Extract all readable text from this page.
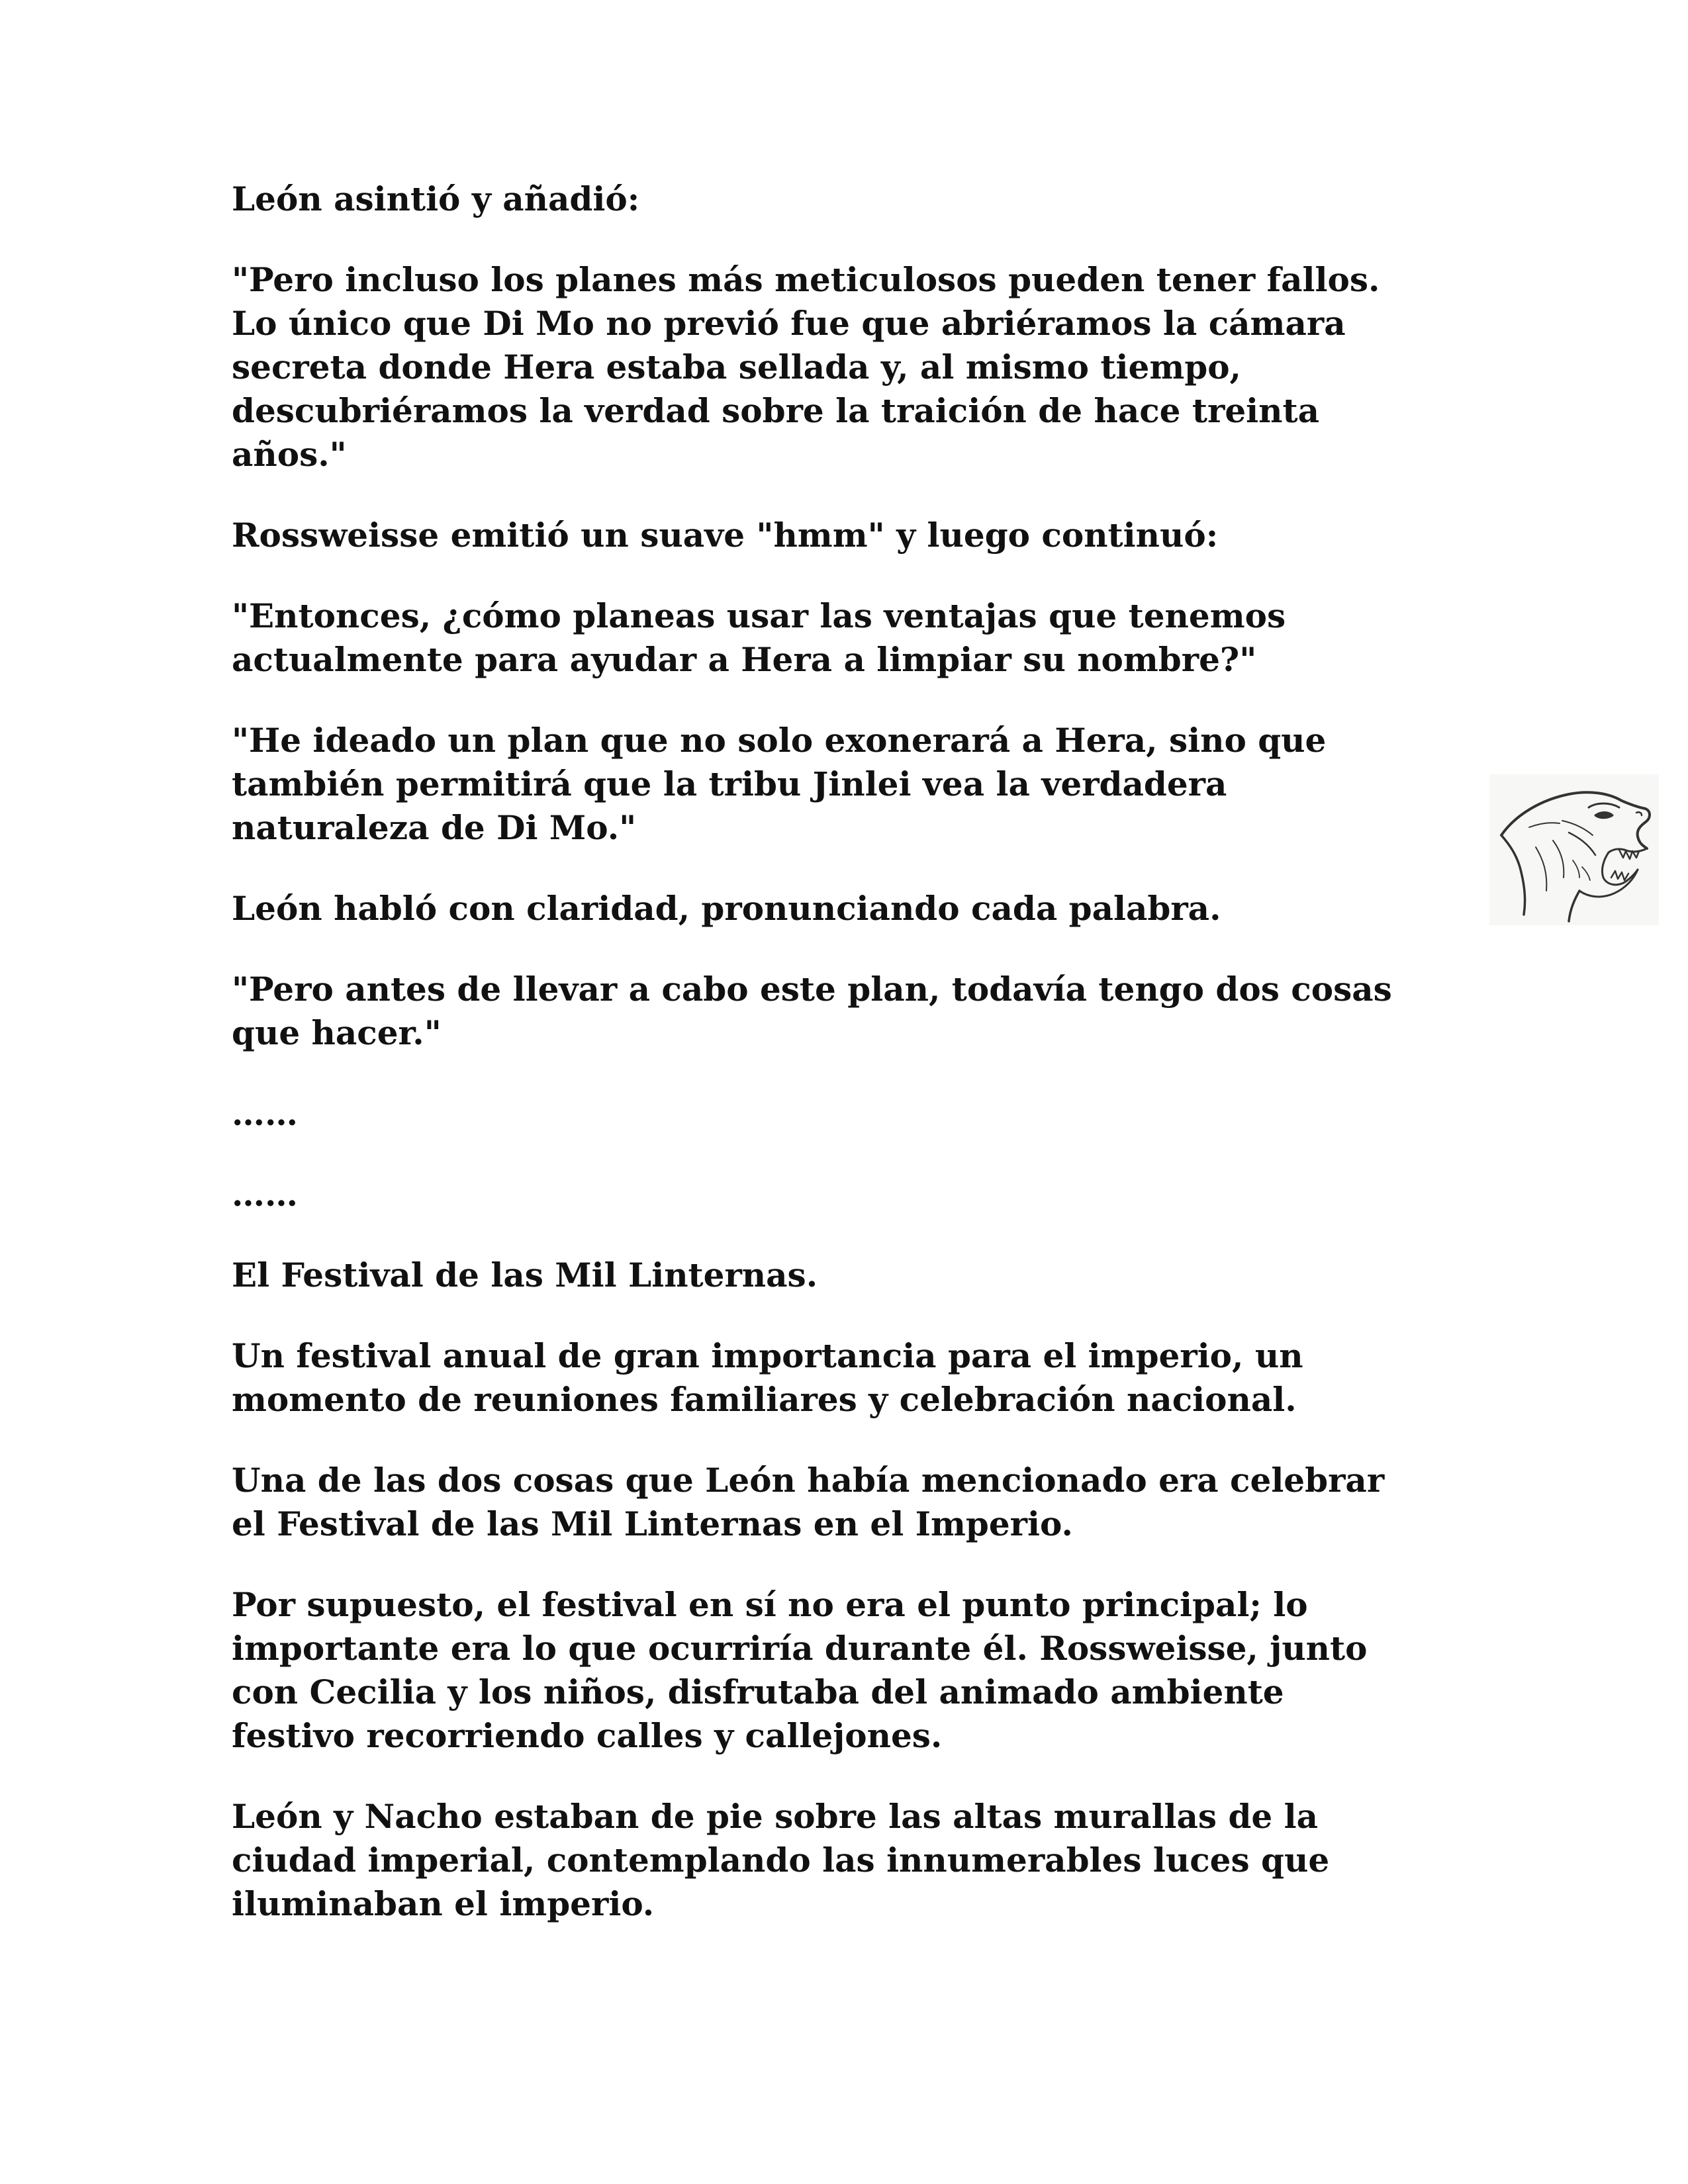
León asintió y añadió:

"Pero incluso los planes más meticulosos pueden tener fallos.
Lo único que Di Mo no previó fue que abriéramos la cámara
secreta donde Hera estaba sellada y, al mismo tiempo,
descubriéramos la verdad sobre la traición de hace treinta
años."

Rossweisse emitió un suave "hmm" y luego continuó:

"Entonces, ¿cómo planeas usar las ventajas que tenemos
actualmente para ayudar a Hera a limpiar su nombre?"

"He ideado un plan que no solo exonerará a Hera, sino que
también permitirá que la tribu Jinlei vea la verdadera
naturaleza de Di Mo."

León habló con claridad, pronunciando cada palabra.

"Pero antes de llevar a cabo este plan, todavía tengo dos cosas
que hacer."

……

……

El Festival de las Mil Linternas.

Un festival anual de gran importancia para el imperio, un
momento de reuniones familiares y celebración nacional.

Una de las dos cosas que León había mencionado era celebrar
el Festival de las Mil Linternas en el Imperio.

Por supuesto, el festival en sí no era el punto principal; lo
importante era lo que ocurriría durante él. Rossweisse, junto
con Cecilia y los niños, disfrutaba del animado ambiente
festivo recorriendo calles y callejones.

León y Nacho estaban de pie sobre las altas murallas de la
ciudad imperial, contemplando las innumerables luces que
iluminaban el imperio.
